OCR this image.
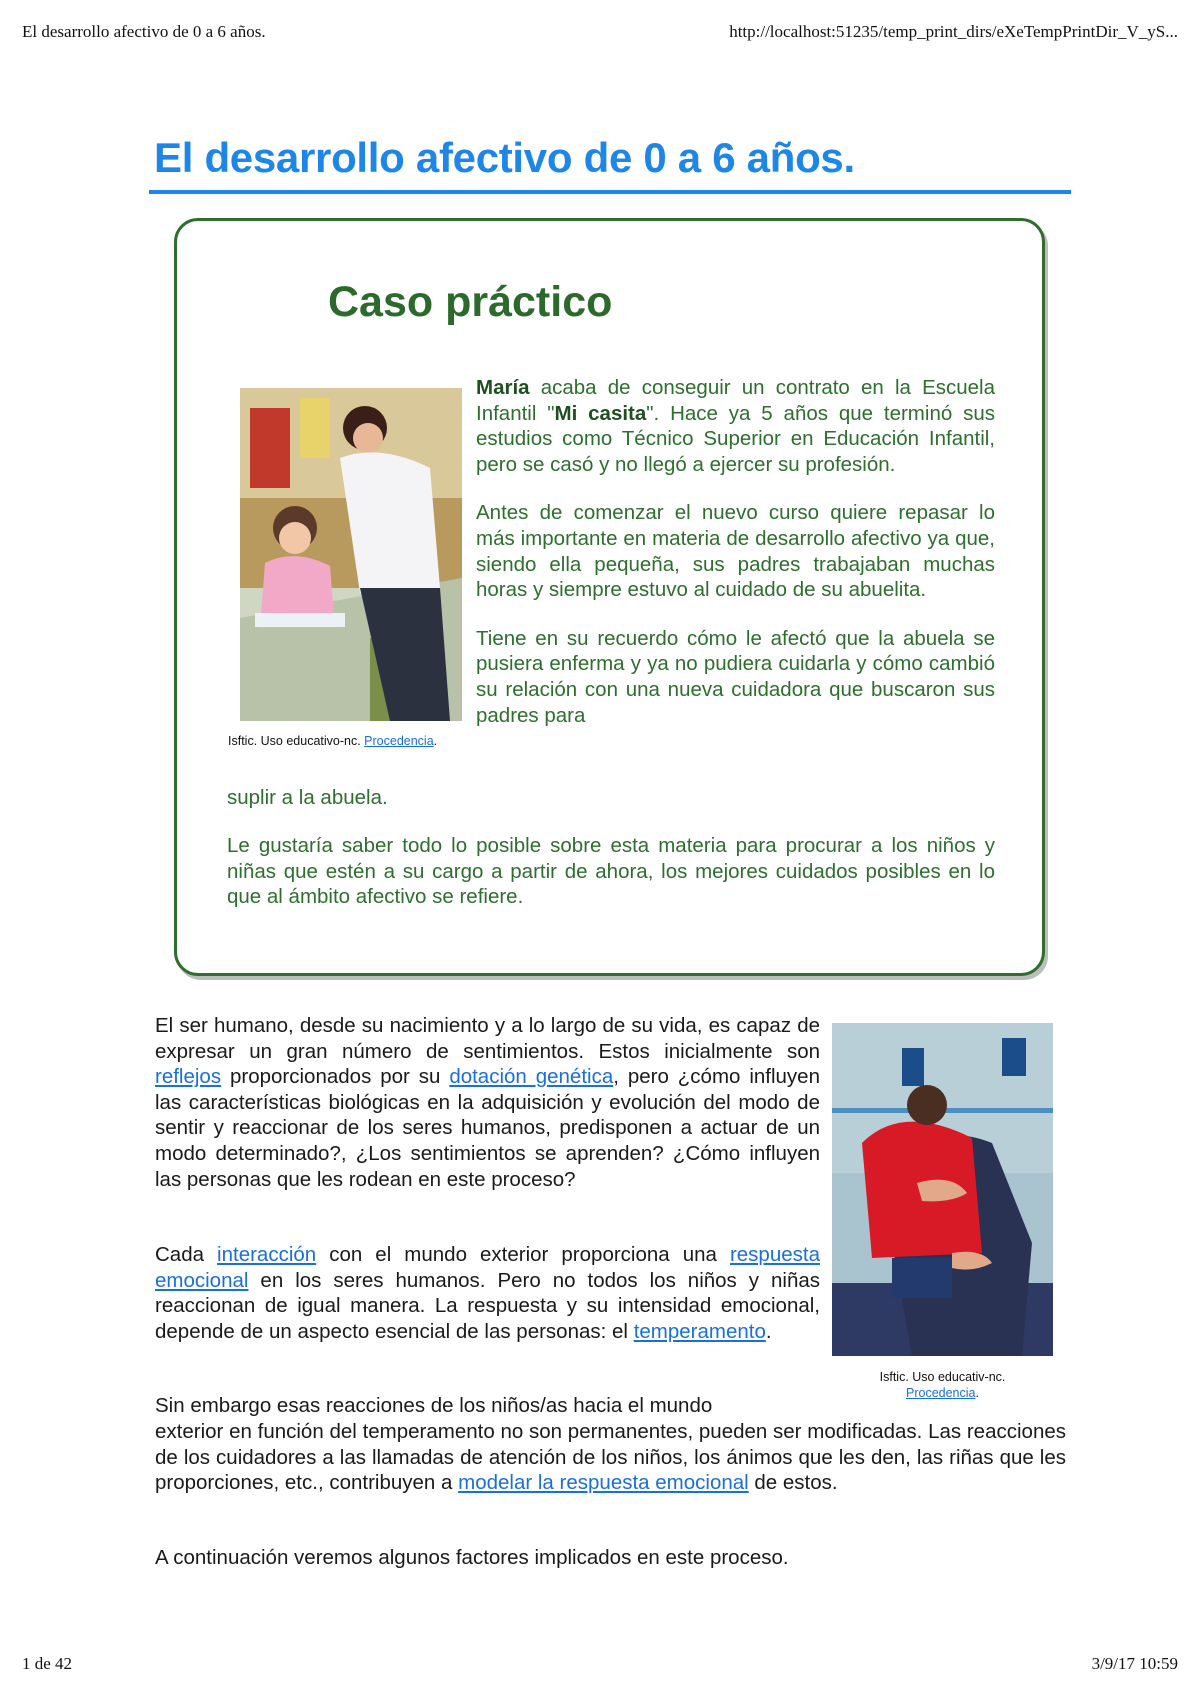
El desarrollo afectivo de 0 a 6 años.	http://localhost:51235/temp_print_dirs/eXeTempPrintDir_V_yS...
El desarrollo afectivo de 0 a 6 años.
Caso práctico
Isftic. Uso educativo-nc. Procedencia.

María acaba de conseguir un contrato en la Escuela Infantil "Mi casita". Hace ya 5 años que terminó sus estudios como Técnico Superior en Educación Infantil, pero se casó y no llegó a ejercer su profesión.

Antes de comenzar el nuevo curso quiere repasar lo más importante en materia de desarrollo afectivo ya que, siendo ella pequeña, sus padres trabajaban muchas horas y siempre estuvo al cuidado de su abuelita.

Tiene en su recuerdo cómo le afectó que la abuela se pusiera enferma y ya no pudiera cuidarla y cómo cambió su relación con una nueva cuidadora que buscaron sus padres para

suplir a la abuela.

Le gustaría saber todo lo posible sobre esta materia para procurar a los niños y niñas que estén a su cargo a partir de ahora, los mejores cuidados posibles en lo que al ámbito afectivo se refiere.

El ser humano, desde su nacimiento y a lo largo de su vida, es capaz de expresar un gran número de sentimientos. Estos inicialmente son reflejos proporcionados por su dotación genética, pero ¿cómo influyen las características biológicas en la adquisición y evolución del modo de sentir y reaccionar de los seres humanos, predisponen a actuar de un modo determinado?, ¿Los sentimientos se aprenden? ¿Cómo influyen las personas que les rodean en este proceso?

Cada interacción con el mundo exterior proporciona una respuesta emocional en los seres humanos. Pero no todos los niños y niñas reaccionan de igual manera. La respuesta y su intensidad emocional, depende de un aspecto esencial de las personas: el temperamento.

Sin embargo esas reacciones de los niños/as hacia el mundo

exterior en función del temperamento no son permanentes, pueden ser modificadas. Las reacciones de los cuidadores a las llamadas de atención de los niños, los ánimos que les den, las riñas que les proporciones, etc., contribuyen a modelar la respuesta emocional de estos.

A continuación veremos algunos factores implicados en este proceso.

Isftic. Uso educativ-nc.
Procedencia.
1 de 42	3/9/17 10:59
